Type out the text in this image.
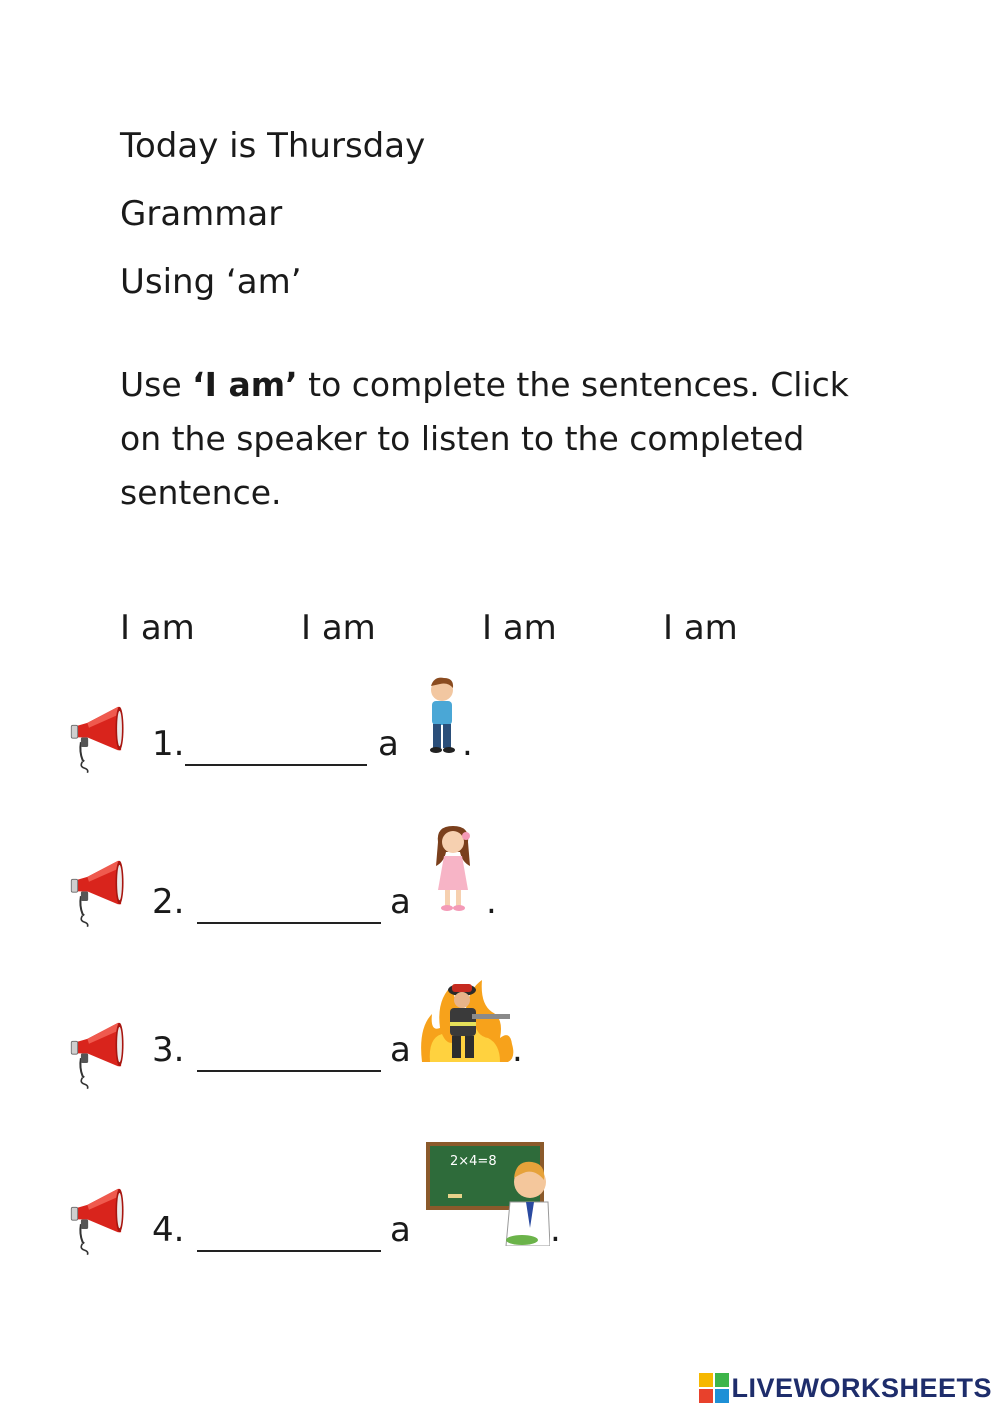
Today is Thursday
Grammar
Using ‘am’
Use ‘I am’ to complete the sentences. Click on the speaker to listen to the completed sentence.
I am	I am	I am	I am
1.	a .
2.	a .
3.	a	.
4.	a
2×4=8
.
LIVEWORKSHEETS
